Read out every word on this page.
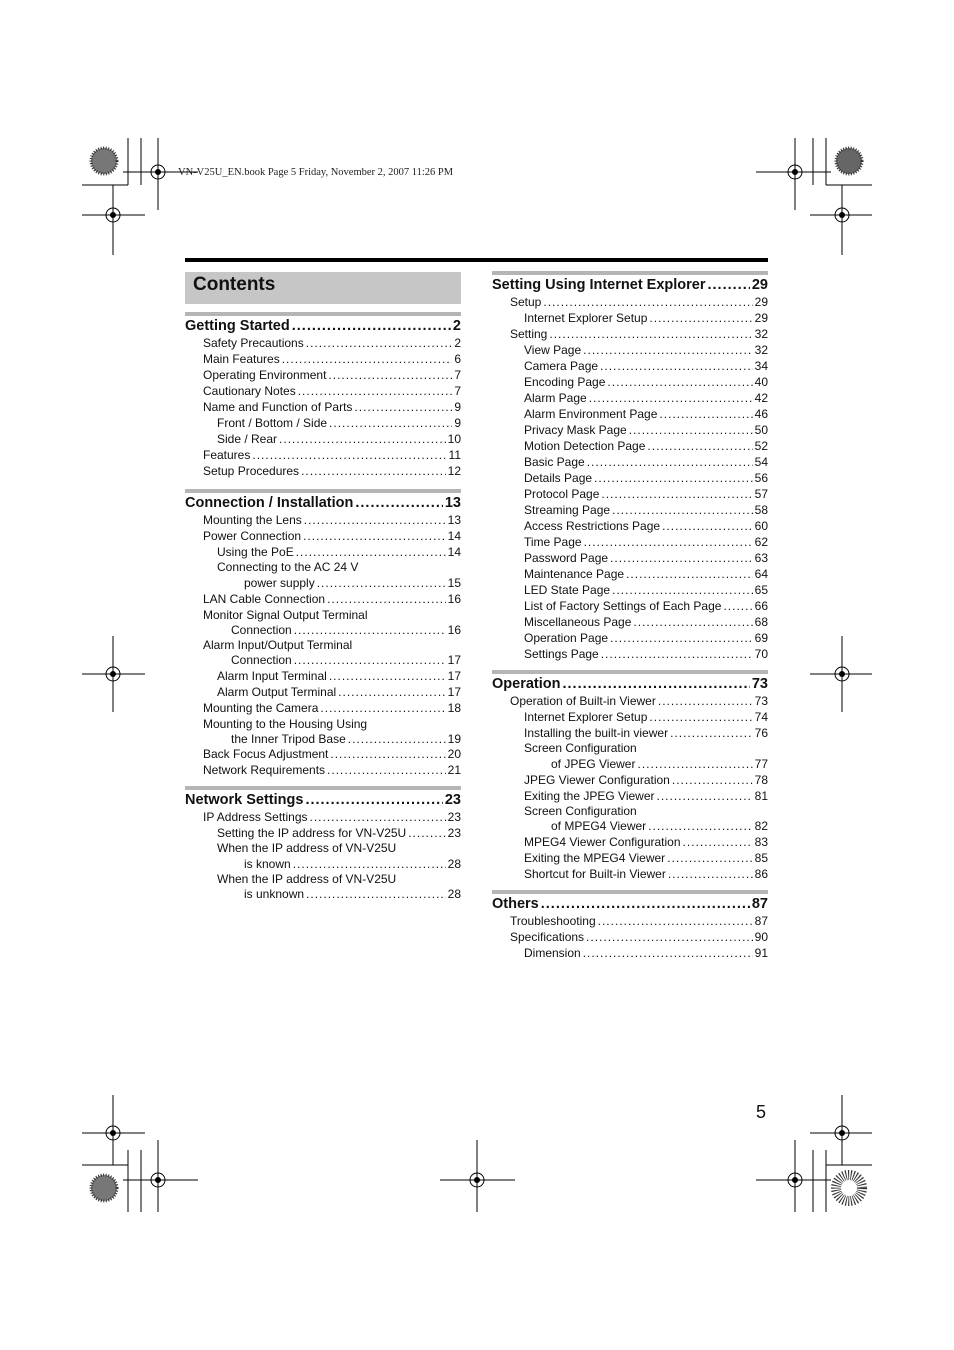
VN-V25U_EN.book Page 5 Friday, November 2, 2007 11:26 PM
Contents
Getting Started .....	2
Safety Precautions .....	2
Main Features .....	6
Operating Environment .....	7
Cautionary Notes .....	7
Name and Function of Parts .....	9
Front / Bottom / Side .....	9
Side / Rear .....	10
Features .....	11
Setup Procedures .....	12
Connection / Installation .....	13
Mounting the Lens .....	13
Power Connection .....	14
Using the PoE .....	14
Connecting to the AC 24 V
power supply .....	15
LAN Cable Connection .....	16
Monitor Signal Output Terminal
Connection .....	16
Alarm Input/Output Terminal
Connection .....	17
Alarm Input Terminal .....	17
Alarm Output Terminal .....	17
Mounting the Camera .....	18
Mounting to the Housing Using
the Inner Tripod Base .....	19
Back Focus Adjustment .....	20
Network Requirements .....	21
Network Settings .....	23
IP Address Settings .....	23
Setting the IP address for VN-V25U .....	23
When the IP address of VN-V25U
is known .....	28
When the IP address of VN-V25U
is unknown .....	28
Setting Using Internet Explorer .....	29
Setup .....	29
Internet Explorer Setup .....	29
Setting .....	32
View Page .....	32
Camera Page .....	34
Encoding Page .....	40
Alarm Page .....	42
Alarm Environment Page .....	46
Privacy Mask Page .....	50
Motion Detection Page .....	52
Basic Page .....	54
Details Page .....	56
Protocol Page .....	57
Streaming Page .....	58
Access Restrictions Page .....	60
Time Page .....	62
Password Page .....	63
Maintenance Page .....	64
LED State Page .....	65
List of Factory Settings of Each Page .....	66
Miscellaneous Page .....	68
Operation Page .....	69
Settings Page .....	70
Operation .....	73
Operation of Built-in Viewer .....	73
Internet Explorer Setup .....	74
Installing the built-in viewer .....	76
Screen Configuration
of JPEG Viewer .....	77
JPEG Viewer Configuration .....	78
Exiting the JPEG Viewer .....	81
Screen Configuration
of MPEG4 Viewer .....	82
MPEG4 Viewer Configuration .....	83
Exiting the MPEG4 Viewer .....	85
Shortcut for Built-in Viewer .....	86
Others .....	87
Troubleshooting .....	87
Specifications .....	90
Dimension .....	91
5
